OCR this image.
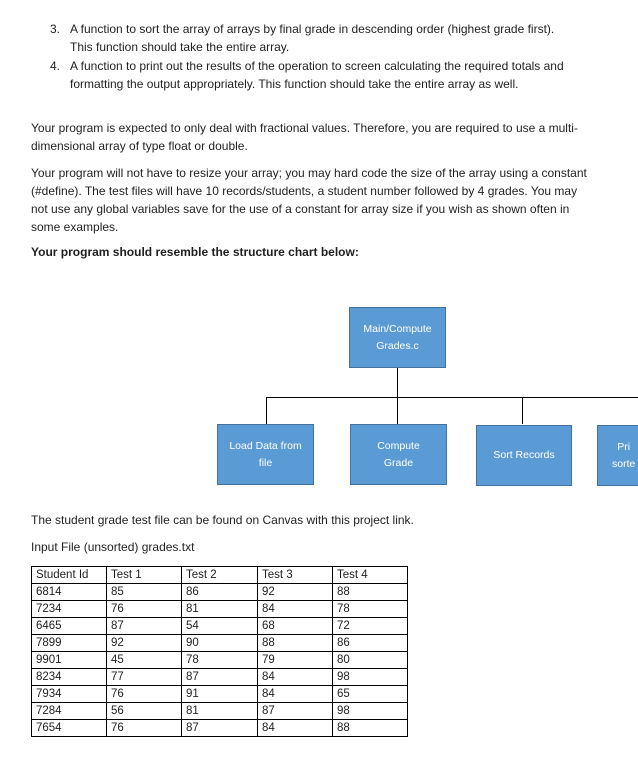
3. A function to sort the array of arrays by final grade in descending order (highest grade first). This function should take the entire array.
4. A function to print out the results of the operation to screen calculating the required totals and formatting the output appropriately. This function should take the entire array as well.

Your program is expected to only deal with fractional values. Therefore, you are required to use a multi-dimensional array of type float or double.

Your program will not have to resize your array; you may hard code the size of the array using a constant (#define). The test files will have 10 records/students, a student number followed by 4 grades. You may not use any global variables save for the use of a constant for array size if you wish as shown often in some examples.

Your program should resemble the structure chart below:

Main/Compute
Grades.c
Load Data from
file
Compute
Grade
Sort Records
Pri
sorte

The student grade test file can be found on Canvas with this project link.

Input File (unsorted) grades.txt

Student Id	Test 1	Test 2	Test 3	Test 4
6814	85	86	92	88
7234	76	81	84	78
6465	87	54	68	72
7899	92	90	88	86
9901	45	78	79	80
8234	77	87	84	98
7934	76	91	84	65
7284	56	81	87	98
7654	76	87	84	88
